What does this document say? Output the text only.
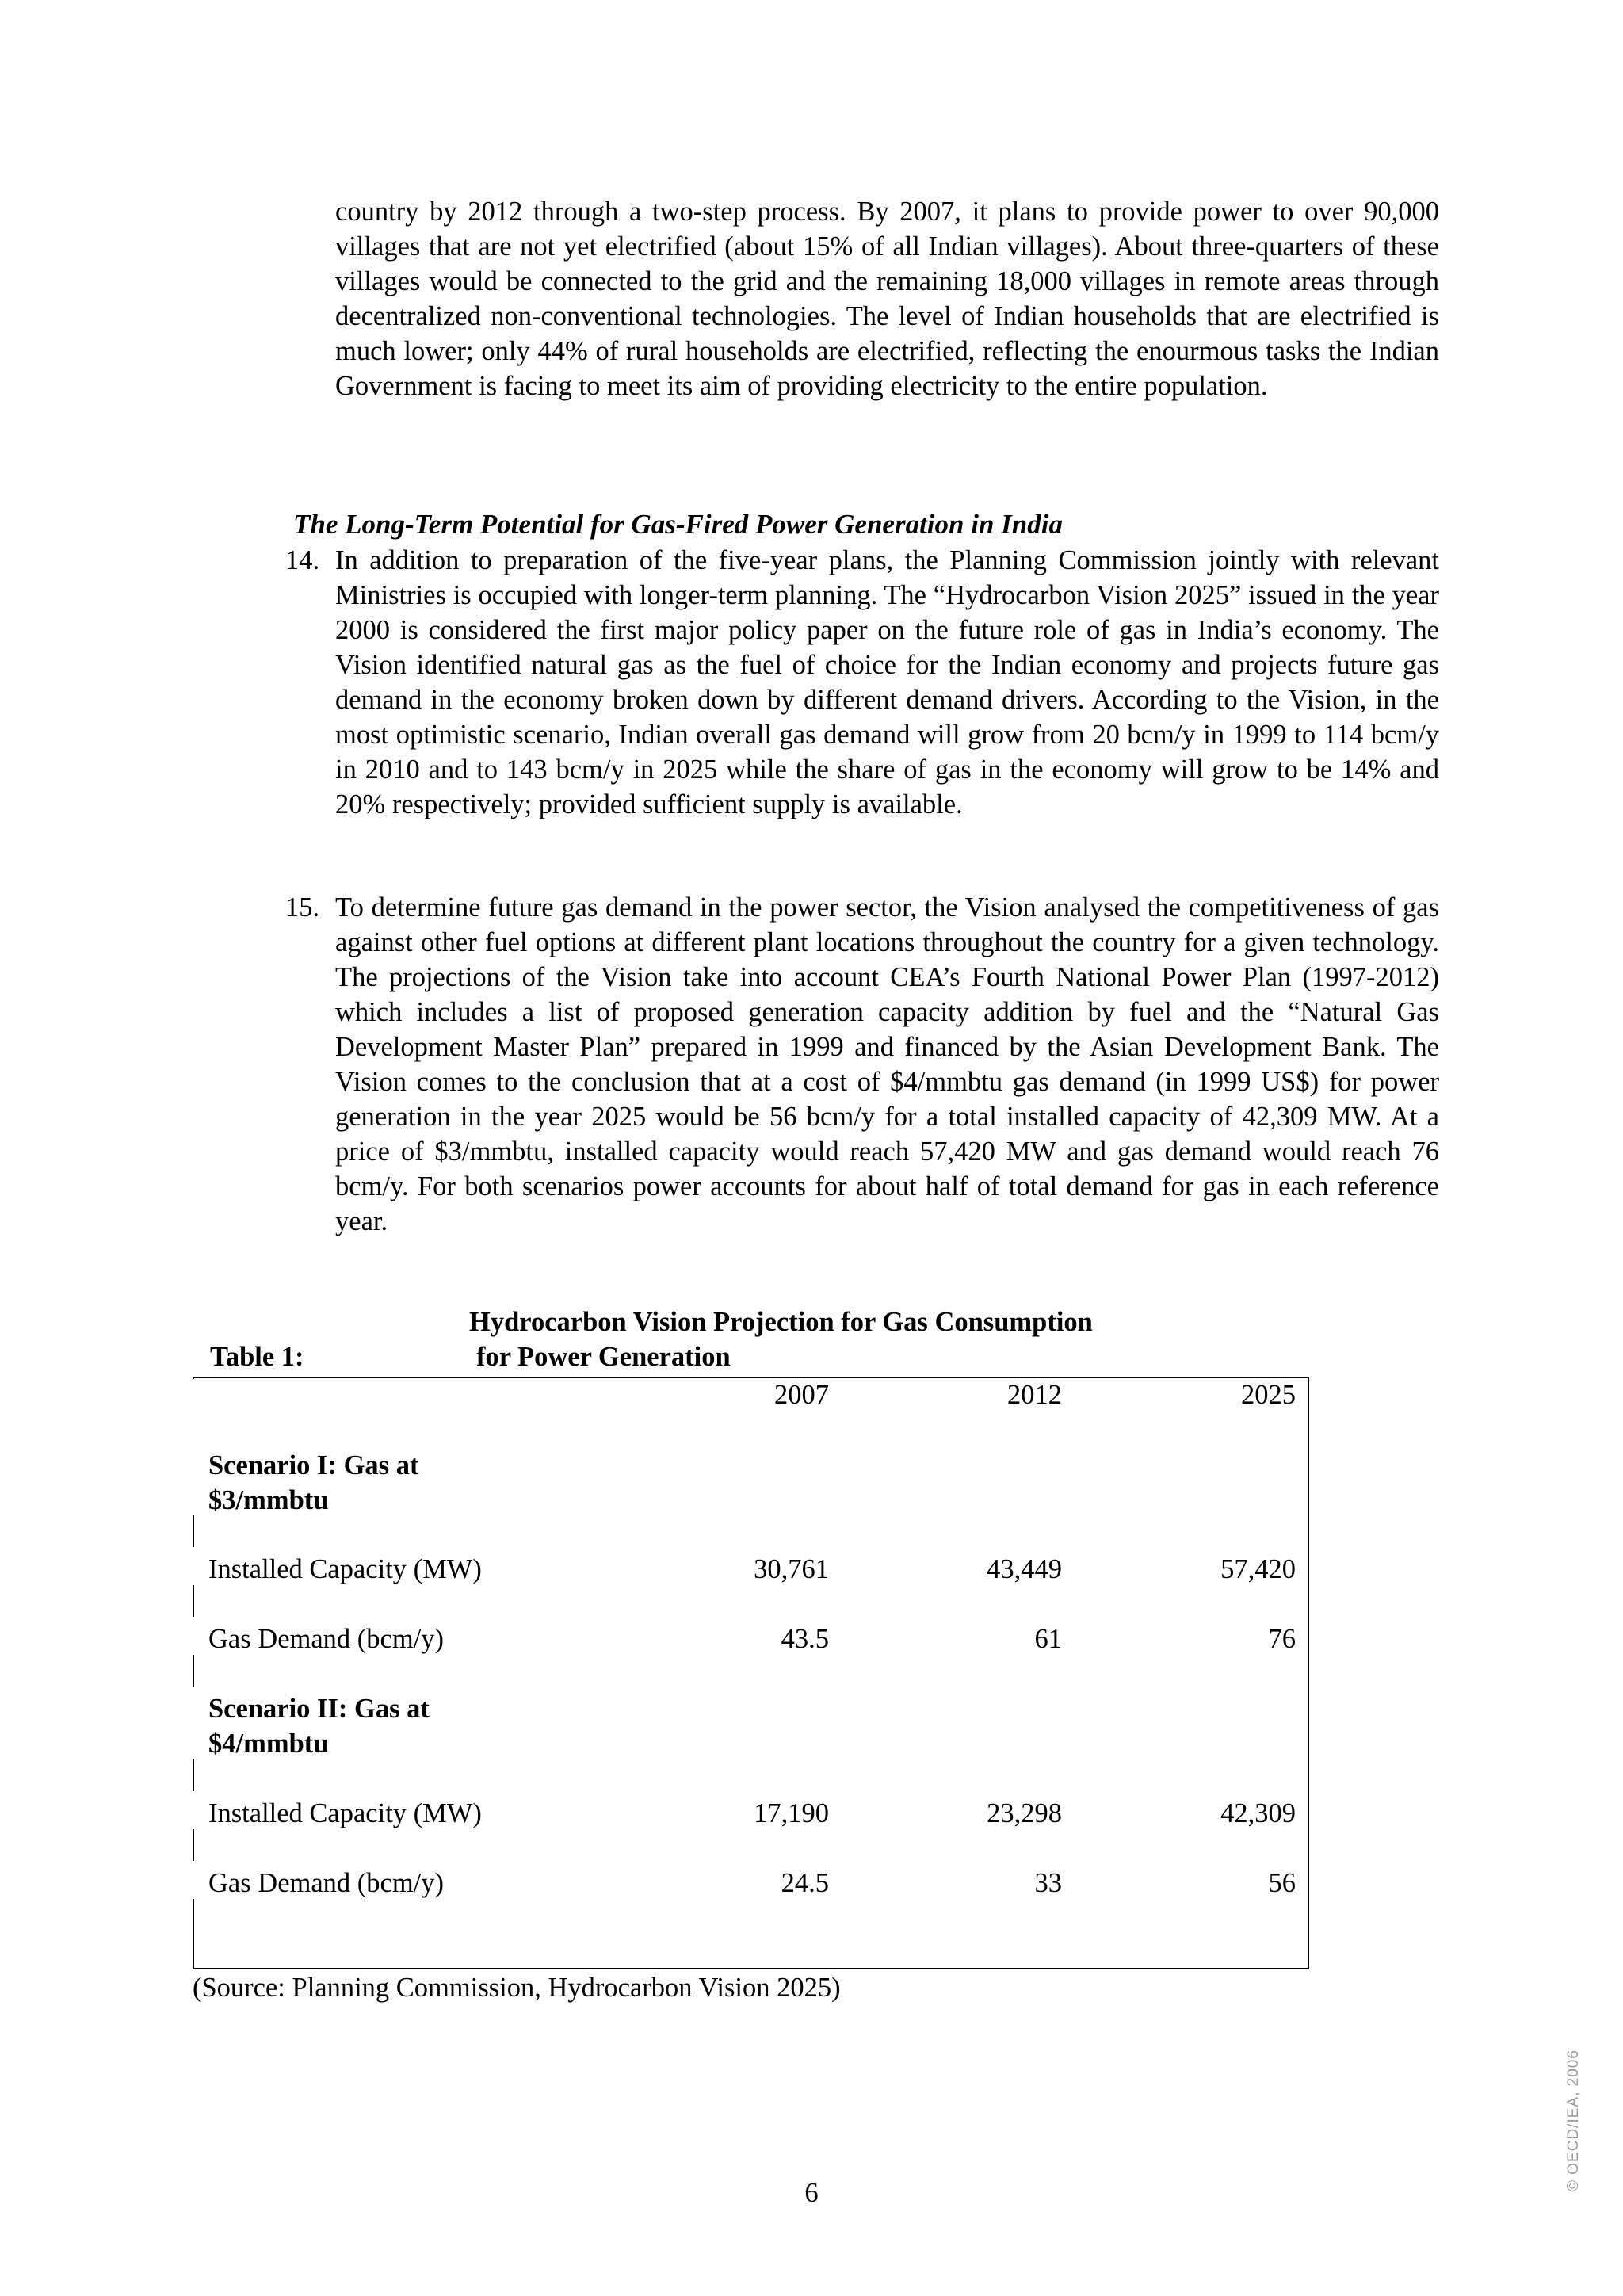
country by 2012 through a two-step process. By 2007, it plans to provide power to over 90,000 villages that are not yet electrified (about 15% of all Indian villages). About three-quarters of these villages would be connected to the grid and the remaining 18,000 villages in remote areas through decentralized non-conventional technologies. The level of Indian households that are electrified is much lower; only 44% of rural households are electrified, reflecting the enourmous tasks the Indian Government is facing to meet its aim of providing electricity to the entire population.

The Long-Term Potential for Gas-Fired Power Generation in India

14. In addition to preparation of the five-year plans, the Planning Commission jointly with relevant Ministries is occupied with longer-term planning. The “Hydrocarbon Vision 2025” issued in the year 2000 is considered the first major policy paper on the future role of gas in India’s economy. The Vision identified natural gas as the fuel of choice for the Indian economy and projects future gas demand in the economy broken down by different demand drivers. According to the Vision, in the most optimistic scenario, Indian overall gas demand will grow from 20 bcm/y in 1999 to 114 bcm/y in 2010 and to 143 bcm/y in 2025 while the share of gas in the economy will grow to be 14% and 20% respectively; provided sufficient supply is available.
15. To determine future gas demand in the power sector, the Vision analysed the competitiveness of gas against other fuel options at different plant locations throughout the country for a given technology. The projections of the Vision take into account CEA’s Fourth National Power Plan (1997-2012) which includes a list of proposed generation capacity addition by fuel and the “Natural Gas Development Master Plan” prepared in 1999 and financed by the Asian Development Bank. The Vision comes to the conclusion that at a cost of $4/mmbtu gas demand (in 1999 US$) for power generation in the year 2025 would be 56 bcm/y for a total installed capacity of 42,309 MW. At a price of $3/mmbtu, installed capacity would reach 57,420 MW and gas demand would reach 76 bcm/y. For both scenarios power accounts for about half of total demand for gas in each reference year.

Hydrocarbon Vision Projection for Gas Consumption

Table 1:	for Power Generation

2007	2012	2025

Scenario I: Gas at

$3/mmbtu

Installed Capacity (MW)	30,761	43,449	57,420

Gas Demand (bcm/y)	43.5	61	76

Scenario II: Gas at

$4/mmbtu

Installed Capacity (MW)	17,190	23,298	42,309

Gas Demand (bcm/y)	24.5	33	56

(Source: Planning Commission, Hydrocarbon Vision 2025)

6

© OECD/IEA, 2006
